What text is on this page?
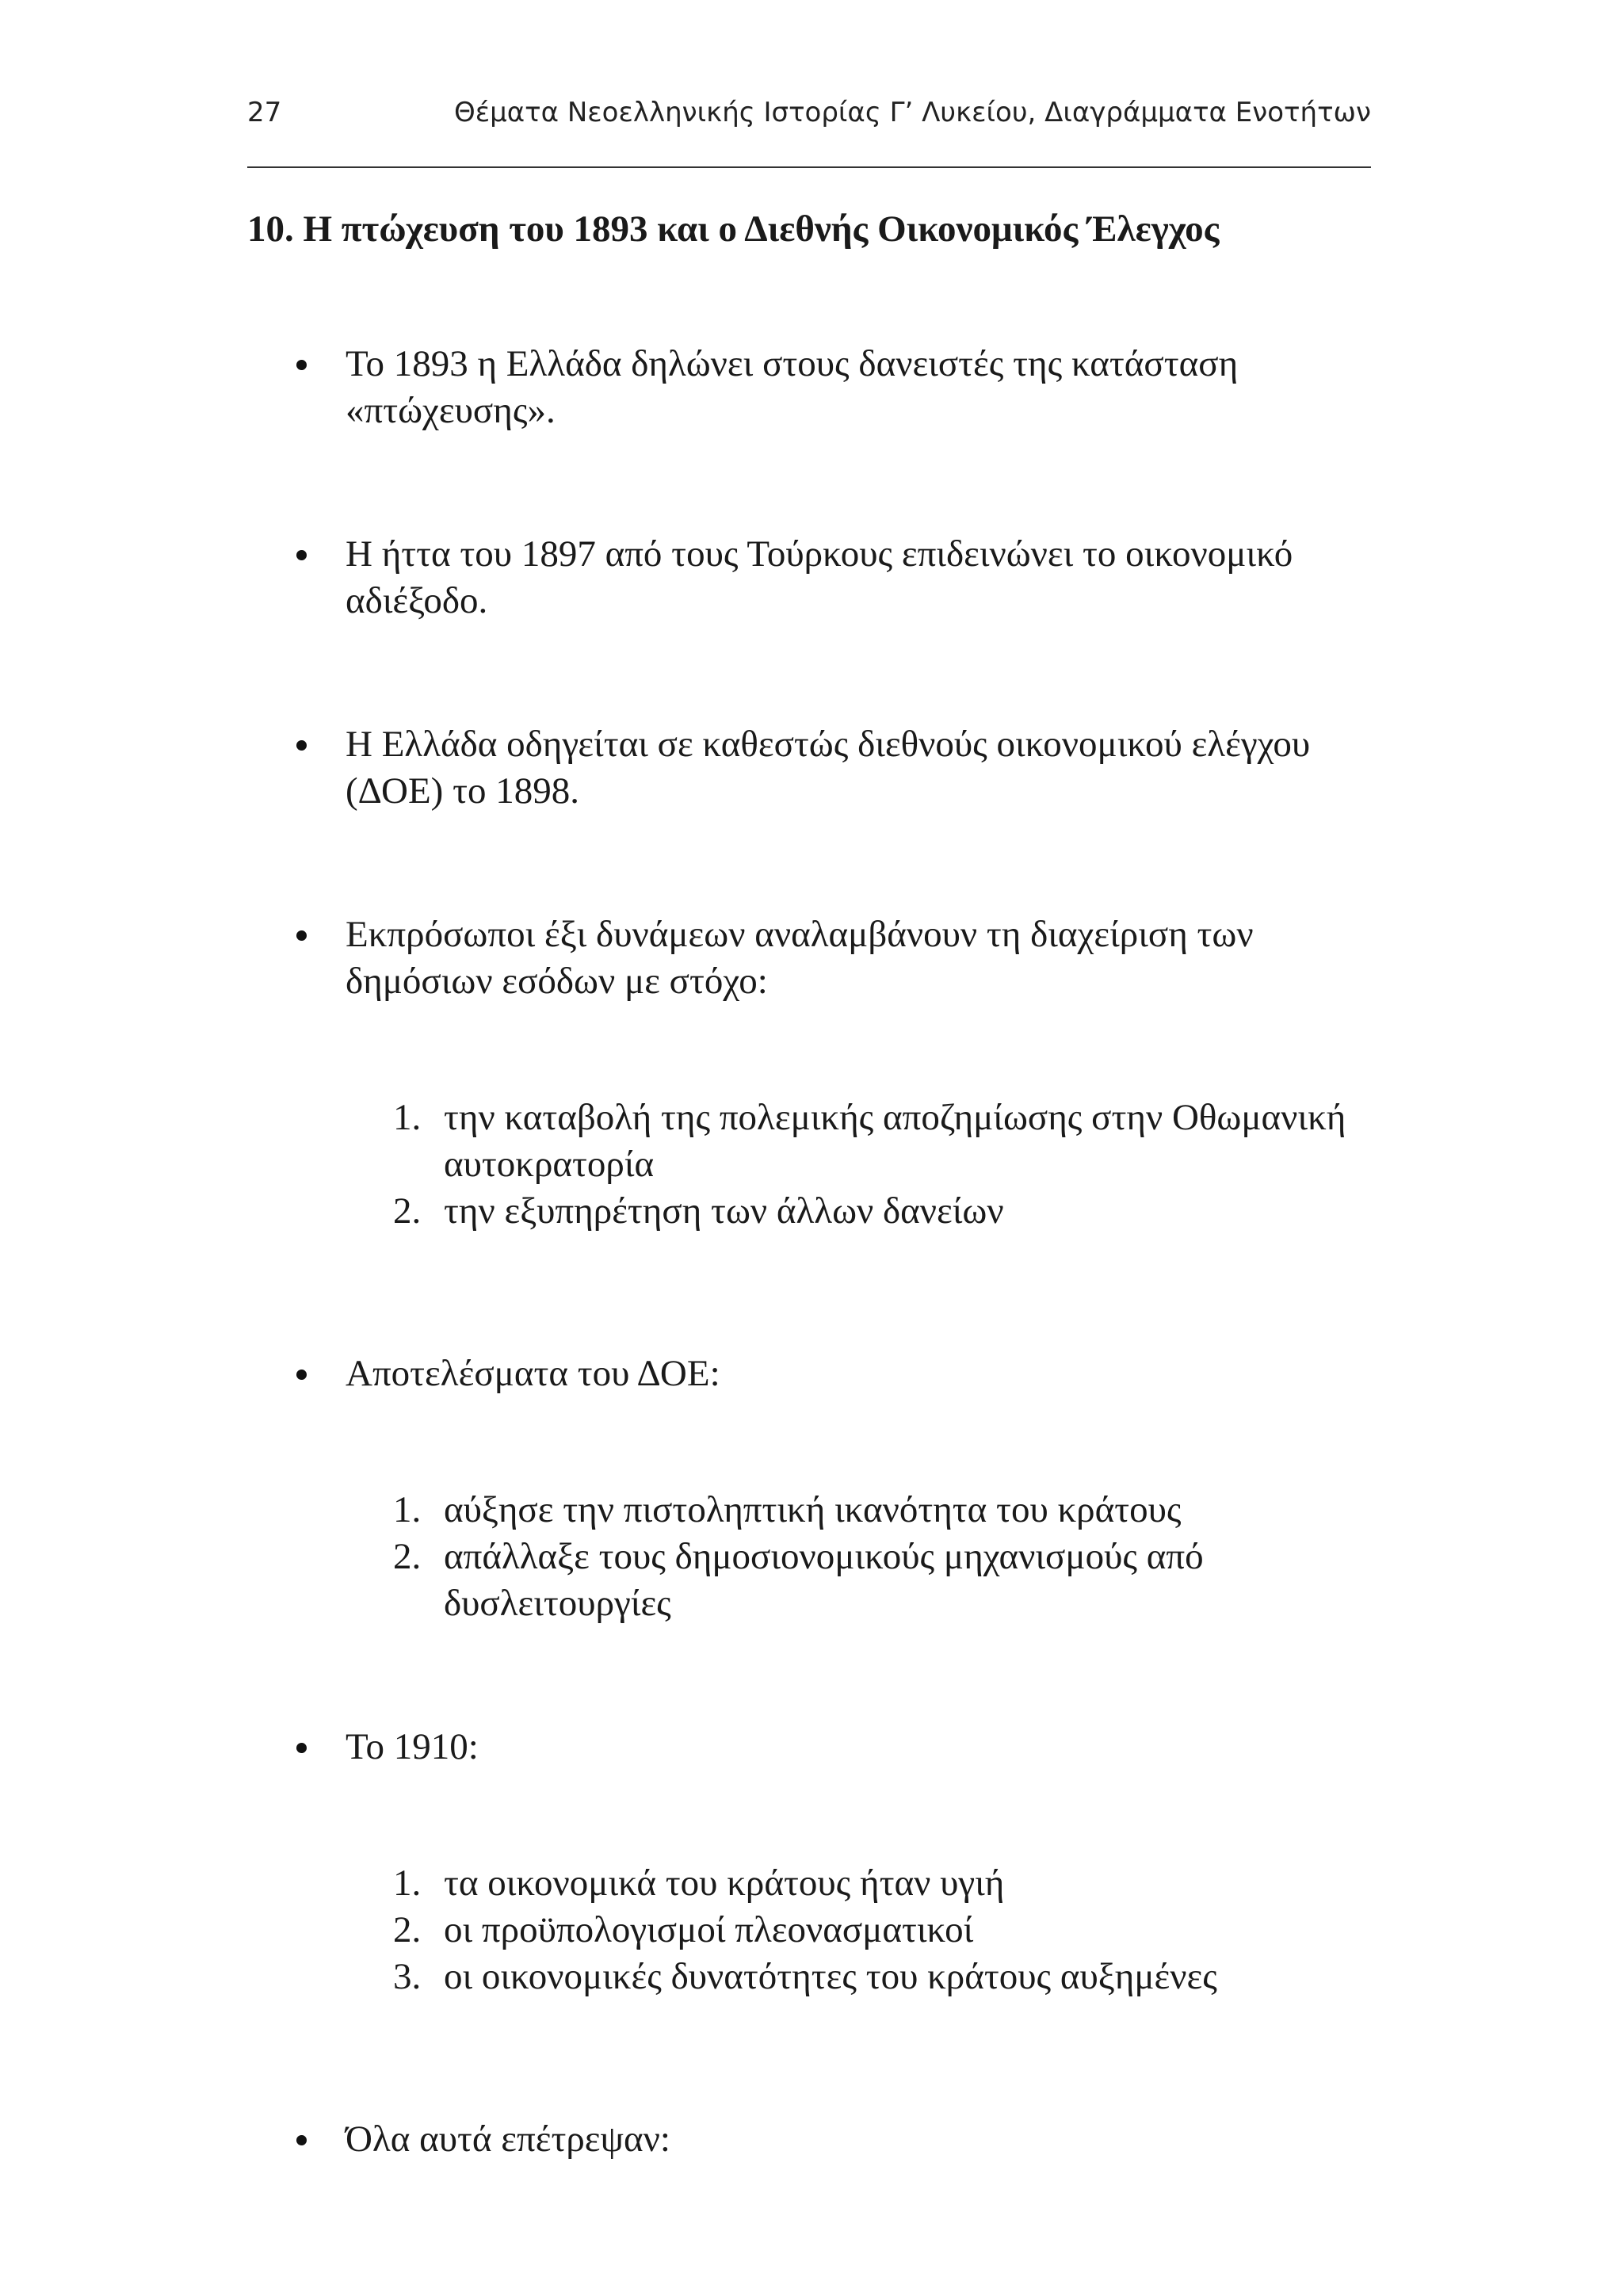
27	Θέματα Νεοελληνικής Ιστορίας Γ’ Λυκείου, Διαγράμματα Ενοτήτων
10. Η πτώχευση του 1893 και ο Διεθνής Οικονομικός Έλεγχος
Το 1893 η Ελλάδα δηλώνει στους δανειστές της κατάσταση «πτώχευσης».
Η ήττα του 1897 από τους Τούρκους επιδεινώνει το οικονομικό αδιέξοδο.
Η Ελλάδα οδηγείται σε καθεστώς διεθνούς οικονομικού ελέγχου (ΔΟΕ) το 1898.
Εκπρόσωποι έξι δυνάμεων αναλαμβάνουν τη διαχείριση των δημόσιων εσόδων με στόχο:
1. την καταβολή της πολεμικής αποζημίωσης στην Οθωμανική αυτοκρατορία
2. την εξυπηρέτηση των άλλων δανείων
Αποτελέσματα του ΔΟΕ:
1. αύξησε την πιστοληπτική ικανότητα του κράτους
2. απάλλαξε τους δημοσιονομικούς μηχανισμούς από δυσλειτουργίες
Το 1910:
1. τα οικονομικά του κράτους ήταν υγιή
2. οι προϋπολογισμοί πλεονασματικοί
3. οι οικονομικές δυνατότητες του κράτους αυξημένες
Όλα αυτά επέτρεψαν:
